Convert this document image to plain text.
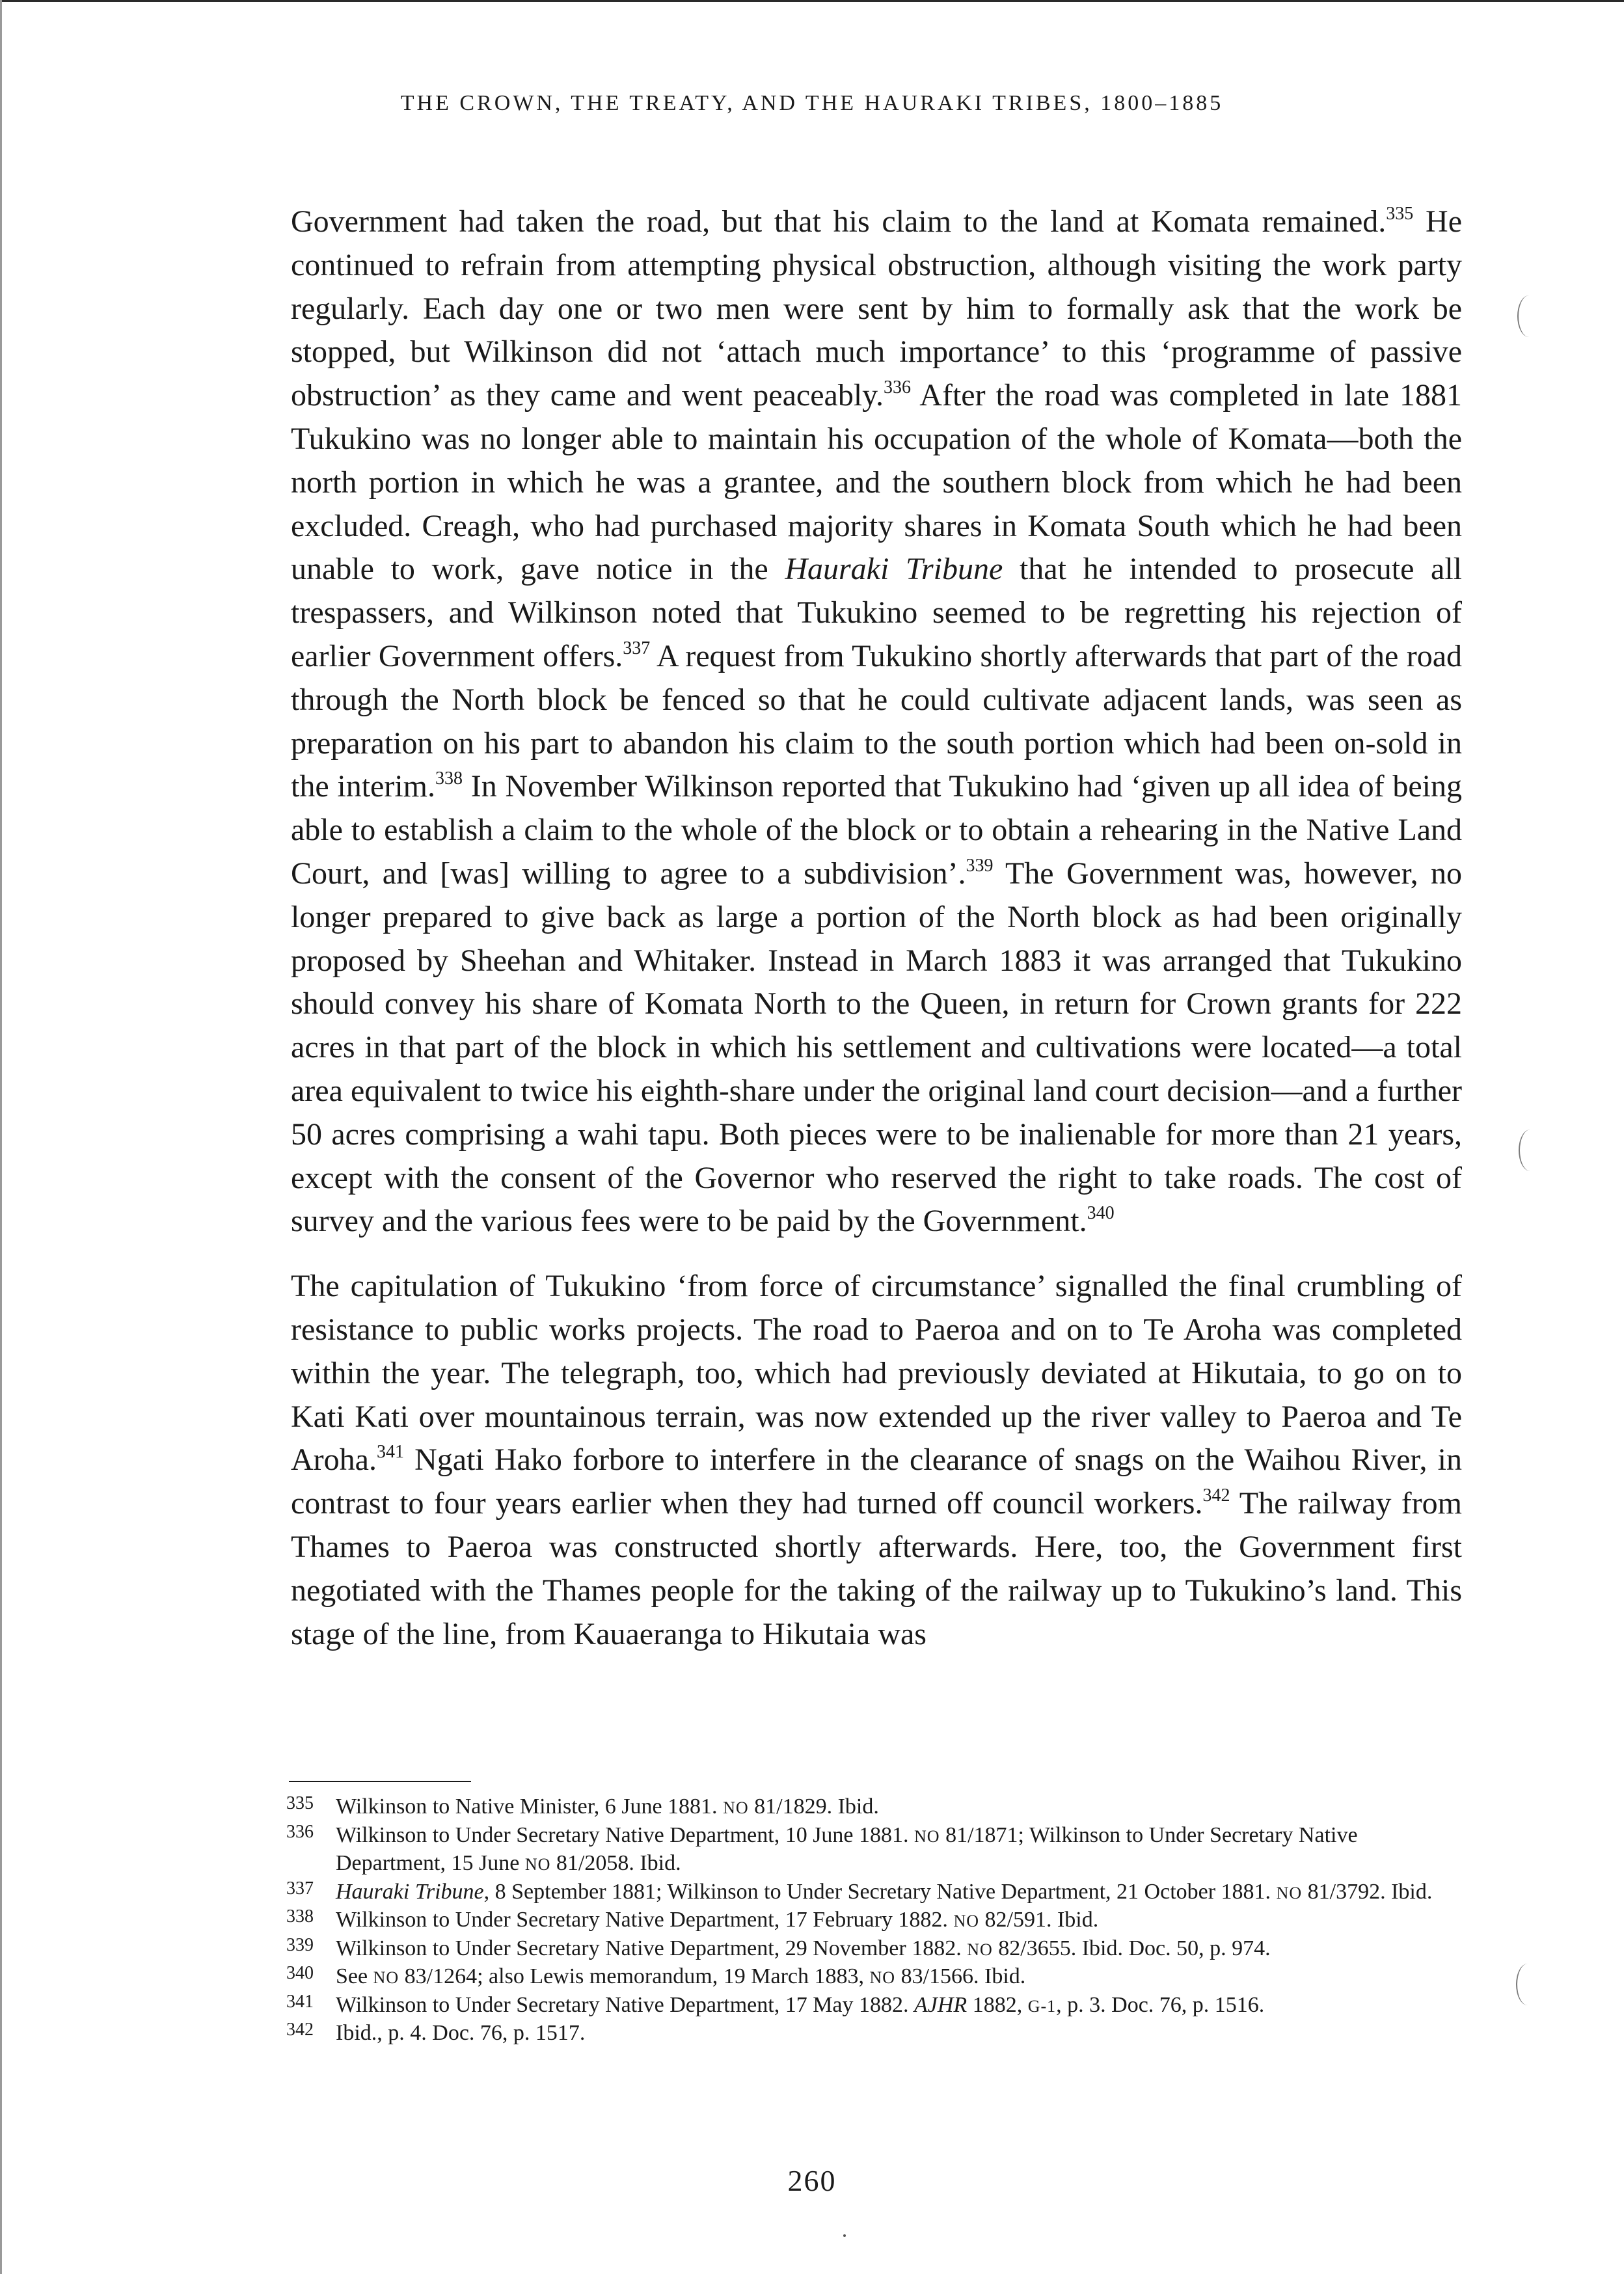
THE CROWN, THE TREATY, AND THE HAURAKI TRIBES, 1800–1885

Government had taken the road, but that his claim to the land at Komata remained.$^{335}$ He continued to refrain from attempting physical obstruction, although visiting the work party regularly. Each day one or two men were sent by him to formally ask that the work be stopped, but Wilkinson did not ‘attach much importance’ to this ‘programme of passive obstruction’ as they came and went peaceably.$^{336}$ After the road was completed in late 1881 Tukukino was no longer able to maintain his occupation of the whole of Komata—both the north portion in which he was a grantee, and the southern block from which he had been excluded. Creagh, who had purchased majority shares in Komata South which he had been unable to work, gave notice in the Hauraki Tribune that he intended to prosecute all trespassers, and Wilkinson noted that Tukukino seemed to be regretting his rejection of earlier Government offers.$^{337}$ A request from Tukukino shortly afterwards that part of the road through the North block be fenced so that he could cultivate adjacent lands, was seen as preparation on his part to abandon his claim to the south portion which had been on-sold in the interim.$^{338}$ In November Wilkinson reported that Tukukino had ‘given up all idea of being able to establish a claim to the whole of the block or to obtain a rehearing in the Native Land Court, and [was] willing to agree to a subdivision’.$^{339}$ The Government was, however, no longer prepared to give back as large a portion of the North block as had been originally proposed by Sheehan and Whitaker. Instead in March 1883 it was arranged that Tukukino should convey his share of Komata North to the Queen, in return for Crown grants for 222 acres in that part of the block in which his settlement and cultivations were located—a total area equivalent to twice his eighth-share under the original land court decision—and a further 50 acres comprising a wahi tapu. Both pieces were to be inalienable for more than 21 years, except with the consent of the Governor who reserved the right to take roads. The cost of survey and the various fees were to be paid by the Government.$^{340}$

The capitulation of Tukukino ‘from force of circumstance’ signalled the final crumbling of resistance to public works projects. The road to Paeroa and on to Te Aroha was completed within the year. The telegraph, too, which had previously deviated at Hikutaia, to go on to Kati Kati over mountainous terrain, was now extended up the river valley to Paeroa and Te Aroha.$^{341}$ Ngati Hako forbore to interfere in the clearance of snags on the Waihou River, in contrast to four years earlier when they had turned off council workers.$^{342}$ The railway from Thames to Paeroa was constructed shortly afterwards. Here, too, the Government first negotiated with the Thames people for the taking of the railway up to Tukukino’s land. This stage of the line, from Kauaeranga to Hikutaia was

335 Wilkinson to Native Minister, 6 June 1881. NO 81/1829. Ibid.
336 Wilkinson to Under Secretary Native Department, 10 June 1881. NO 81/1871; Wilkinson to Under Secretary Native Department, 15 June NO 81/2058. Ibid.
337 Hauraki Tribune, 8 September 1881; Wilkinson to Under Secretary Native Department, 21 October 1881. NO 81/3792. Ibid.
338 Wilkinson to Under Secretary Native Department, 17 February 1882. NO 82/591. Ibid.
339 Wilkinson to Under Secretary Native Department, 29 November 1882. NO 82/3655. Ibid. Doc. 50, p. 974.
340 See NO 83/1264; also Lewis memorandum, 19 March 1883, NO 83/1566. Ibid.
341 Wilkinson to Under Secretary Native Department, 17 May 1882. AJHR 1882, G-1, p. 3. Doc. 76, p. 1516.
342 Ibid., p. 4. Doc. 76, p. 1517.
260
